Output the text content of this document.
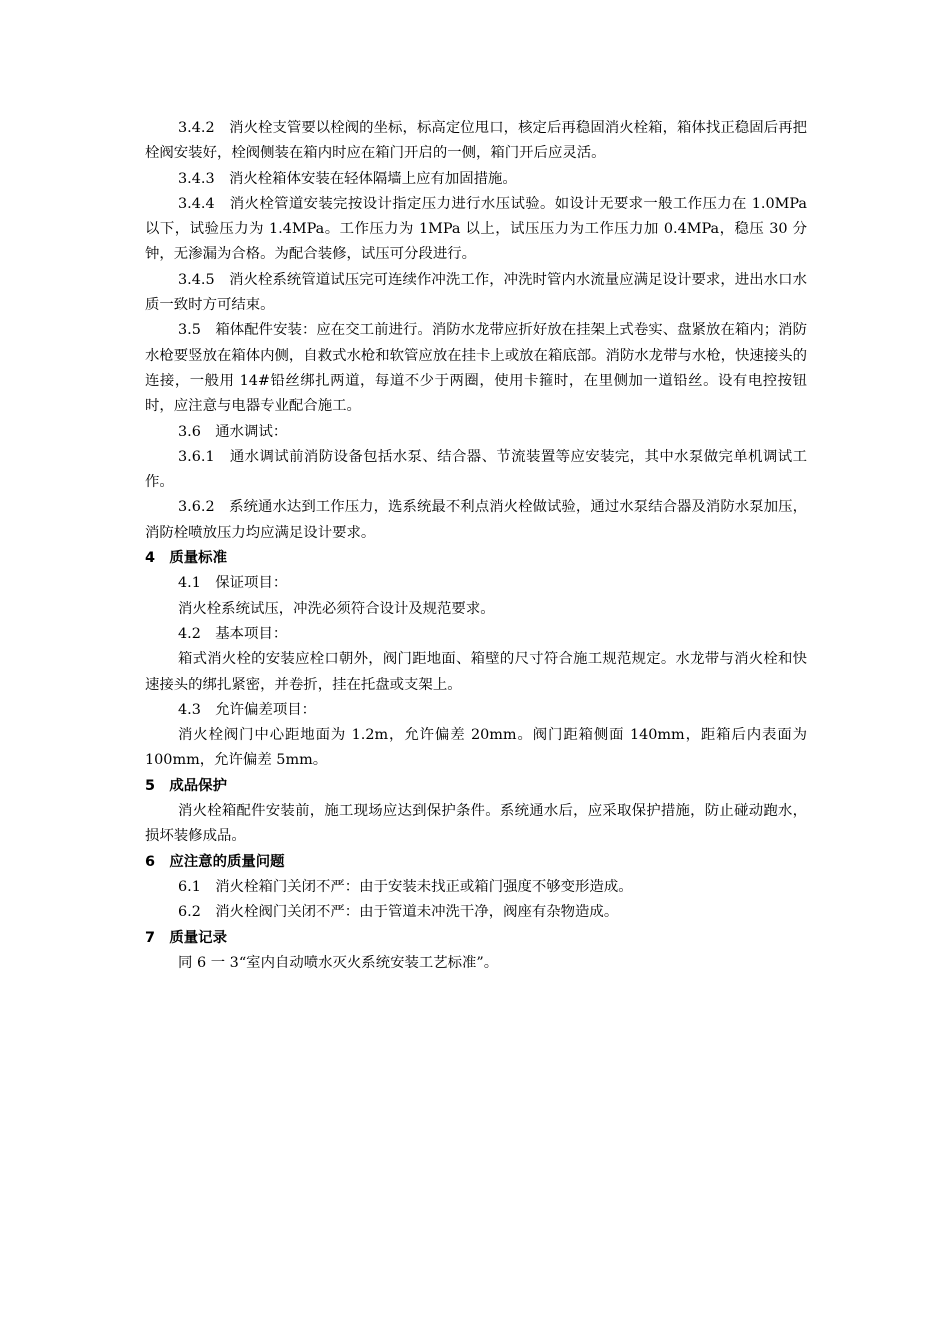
3.4.2　消火栓支管要以栓阀的坐标，标高定位甩口，核定后再稳固消火栓箱，箱体找正稳固后再把栓阀安装好，栓阀侧装在箱内时应在箱门开启的一侧，箱门开后应灵活。

3.4.3　消火栓箱体安装在轻体隔墙上应有加固措施。

3.4.4　消火栓管道安装完按设计指定压力进行水压试验。如设计无要求一般工作压力在 1.0MPa 以下，试验压力为 1.4MPa。工作压力为 1MPa 以上，试压压力为工作压力加 0.4MPa，稳压 30 分钟，无渗漏为合格。为配合装修，试压可分段进行。

3.4.5　消火栓系统管道试压完可连续作冲洗工作，冲洗时管内水流量应满足设计要求，进出水口水质一致时方可结束。

3.5　箱体配件安装：应在交工前进行。消防水龙带应折好放在挂架上式卷实、盘紧放在箱内；消防水枪要竖放在箱体内侧，自救式水枪和软管应放在挂卡上或放在箱底部。消防水龙带与水枪，快速接头的连接，一般用 14#铅丝绑扎两道，每道不少于两圈，使用卡箍时，在里侧加一道铅丝。设有电控按钮时，应注意与电器专业配合施工。

3.6　通水调试：

3.6.1　通水调试前消防设备包括水泵、结合器、节流装置等应安装完，其中水泵做完单机调试工作。

3.6.2　系统通水达到工作压力，选系统最不利点消火栓做试验，通过水泵结合器及消防水泵加压，消防栓喷放压力均应满足设计要求。

4　质量标准

4.1　保证项目：

消火栓系统试压，冲洗必须符合设计及规范要求。

4.2　基本项目：

箱式消火栓的安装应栓口朝外，阀门距地面、箱壁的尺寸符合施工规范规定。水龙带与消火栓和快速接头的绑扎紧密，并卷折，挂在托盘或支架上。

4.3　允许偏差项目：

消火栓阀门中心距地面为 1.2m，允许偏差 20mm。阀门距箱侧面 140mm，距箱后内表面为 100mm，允许偏差 5mm。

5　成品保护

消火栓箱配件安装前，施工现场应达到保护条件。系统通水后，应采取保护措施，防止碰动跑水，损坏装修成品。

6　应注意的质量问题

6.1　消火栓箱门关闭不严：由于安装未找正或箱门强度不够变形造成。

6.2　消火栓阀门关闭不严：由于管道未冲洗干净，阀座有杂物造成。

7　质量记录

同 6 一 3“室内自动喷水灭火系统安装工艺标准”。
